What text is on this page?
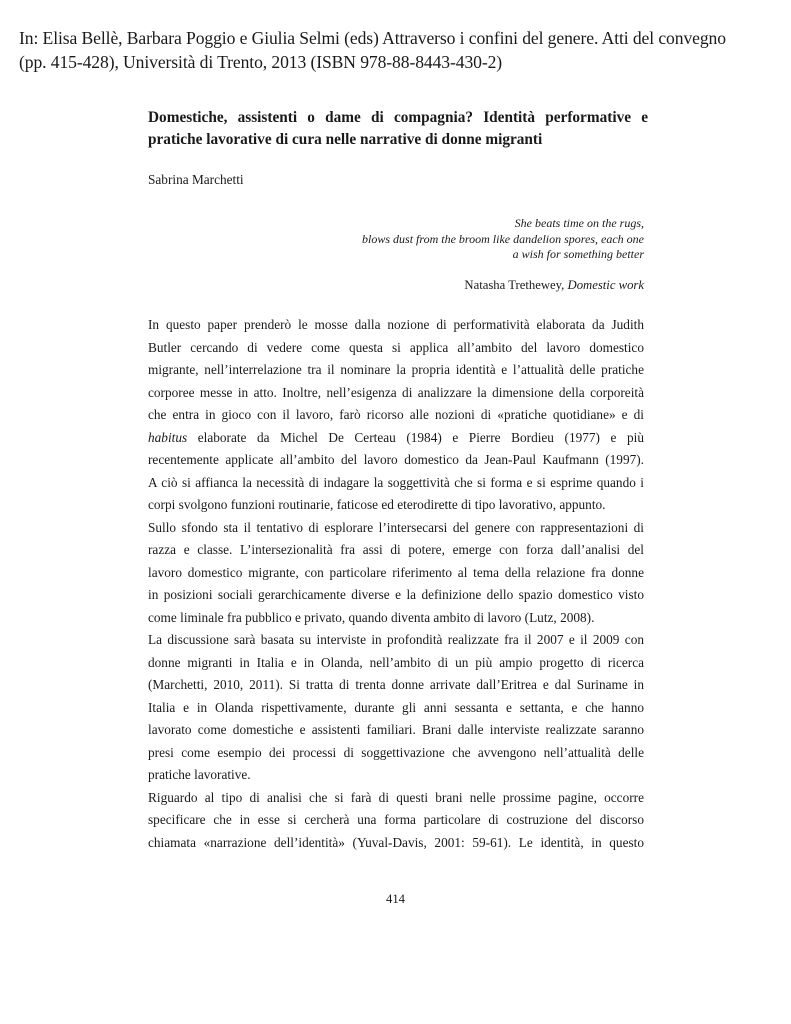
In: Elisa Bellè, Barbara Poggio e Giulia Selmi (eds) Attraverso i confini del genere. Atti del convegno
(pp. 415-428), Università di Trento, 2013 (ISBN 978-88-8443-430-2)
Domestiche, assistenti o dame di compagnia? Identità performative e
pratiche lavorative di cura nelle narrative di donne migranti
Sabrina Marchetti
She beats time on the rugs,
blows dust from the broom like dandelion spores, each one
a wish for something better
Natasha Trethewey, Domestic work

In questo paper prenderò le mosse dalla nozione di performatività elaborata da Judith
Butler cercando di vedere come questa si applica all’ambito del lavoro domestico
migrante, nell’interrelazione tra il nominare la propria identità e l’attualità delle pratiche
corporee messe in atto. Inoltre, nell’esigenza di analizzare la dimensione della corporeità
che entra in gioco con il lavoro, farò ricorso alle nozioni di «pratiche quotidiane» e di
habitus elaborate da Michel De Certeau (1984) e Pierre Bordieu (1977) e più
recentemente applicate all’ambito del lavoro domestico da Jean-Paul Kaufmann (1997).
A ciò si affianca la necessità di indagare la soggettività che si forma e si esprime quando i
corpi svolgono funzioni routinarie, faticose ed eterodirette di tipo lavorativo, appunto.

Sullo sfondo sta il tentativo di esplorare l’intersecarsi del genere con rappresentazioni di
razza e classe. L’intersezionalità fra assi di potere, emerge con forza dall’analisi del
lavoro domestico migrante, con particolare riferimento al tema della relazione fra donne
in posizioni sociali gerarchicamente diverse e la definizione dello spazio domestico visto
come liminale fra pubblico e privato, quando diventa ambito di lavoro (Lutz, 2008).

La discussione sarà basata su interviste in profondità realizzate fra il 2007 e il 2009 con
donne migranti in Italia e in Olanda, nell’ambito di un più ampio progetto di ricerca
(Marchetti, 2010, 2011). Si tratta di trenta donne arrivate dall’Eritrea e dal Suriname in
Italia e in Olanda rispettivamente, durante gli anni sessanta e settanta, e che hanno
lavorato come domestiche e assistenti familiari. Brani dalle interviste realizzate saranno
presi come esempio dei processi di soggettivazione che avvengono nell’attualità delle
pratiche lavorative.

Riguardo al tipo di analisi che si farà di questi brani nelle prossime pagine, occorre
specificare che in esse si cercherà una forma particolare di costruzione del discorso
chiamata «narrazione dell’identità» (Yuval-Davis, 2001: 59-61). Le identità, in questo

414
